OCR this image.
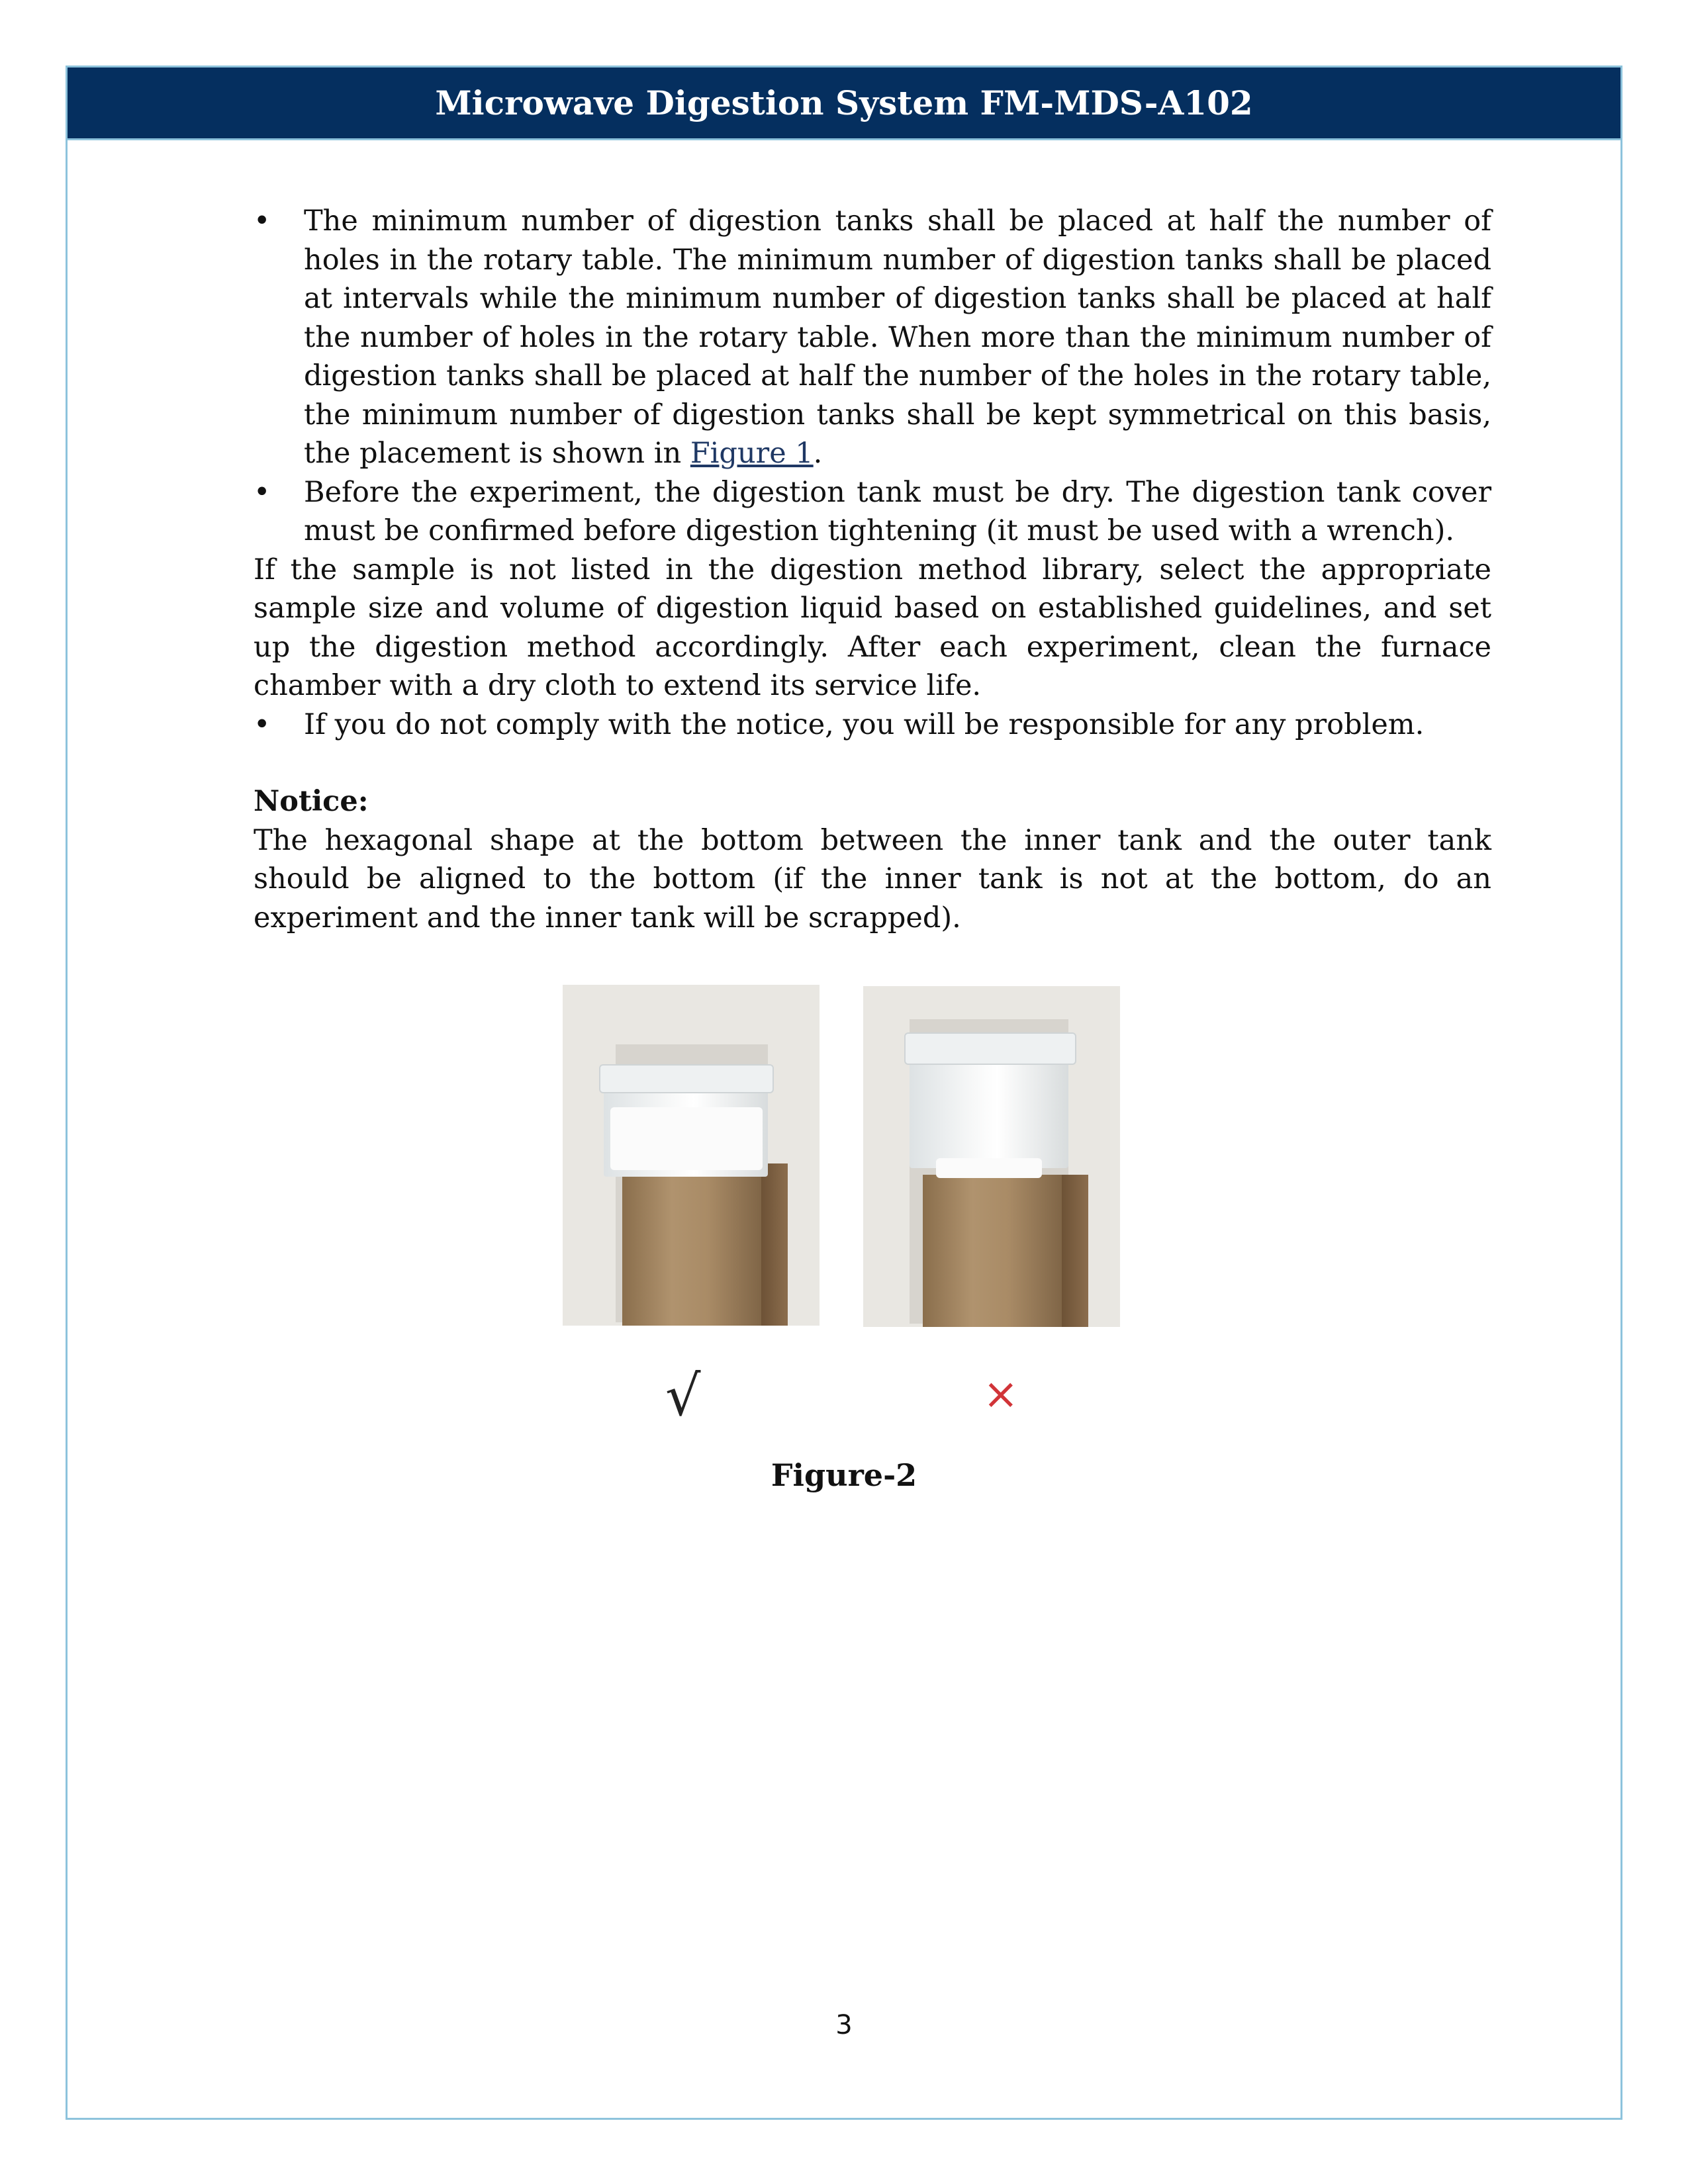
Microwave Digestion System FM-MDS-A102
•	The minimum number of digestion tanks shall be placed at half the number of holes in the rotary table. The minimum number of digestion tanks shall be placed at intervals while the minimum number of digestion tanks shall be placed at half the number of holes in the rotary table. When more than the minimum number of digestion tanks shall be placed at half the number of the holes in the rotary table, the minimum number of digestion tanks shall be kept symmetrical on this basis, the placement is shown in Figure 1.
•	Before the experiment, the digestion tank must be dry. The digestion tank cover must be confirmed before digestion tightening (it must be used with a wrench).
If the sample is not listed in the digestion method library, select the appropriate sample size and volume of digestion liquid based on established guidelines, and set up the digestion method accordingly. After each experiment, clean the furnace chamber with a dry cloth to extend its service life.
•	If you do not comply with the notice, you will be responsible for any problem.
Notice:
The hexagonal shape at the bottom between the inner tank and the outer tank should be aligned to the bottom (if the inner tank is not at the bottom, do an experiment and the inner tank will be scrapped).
√	×
Figure-2
3
